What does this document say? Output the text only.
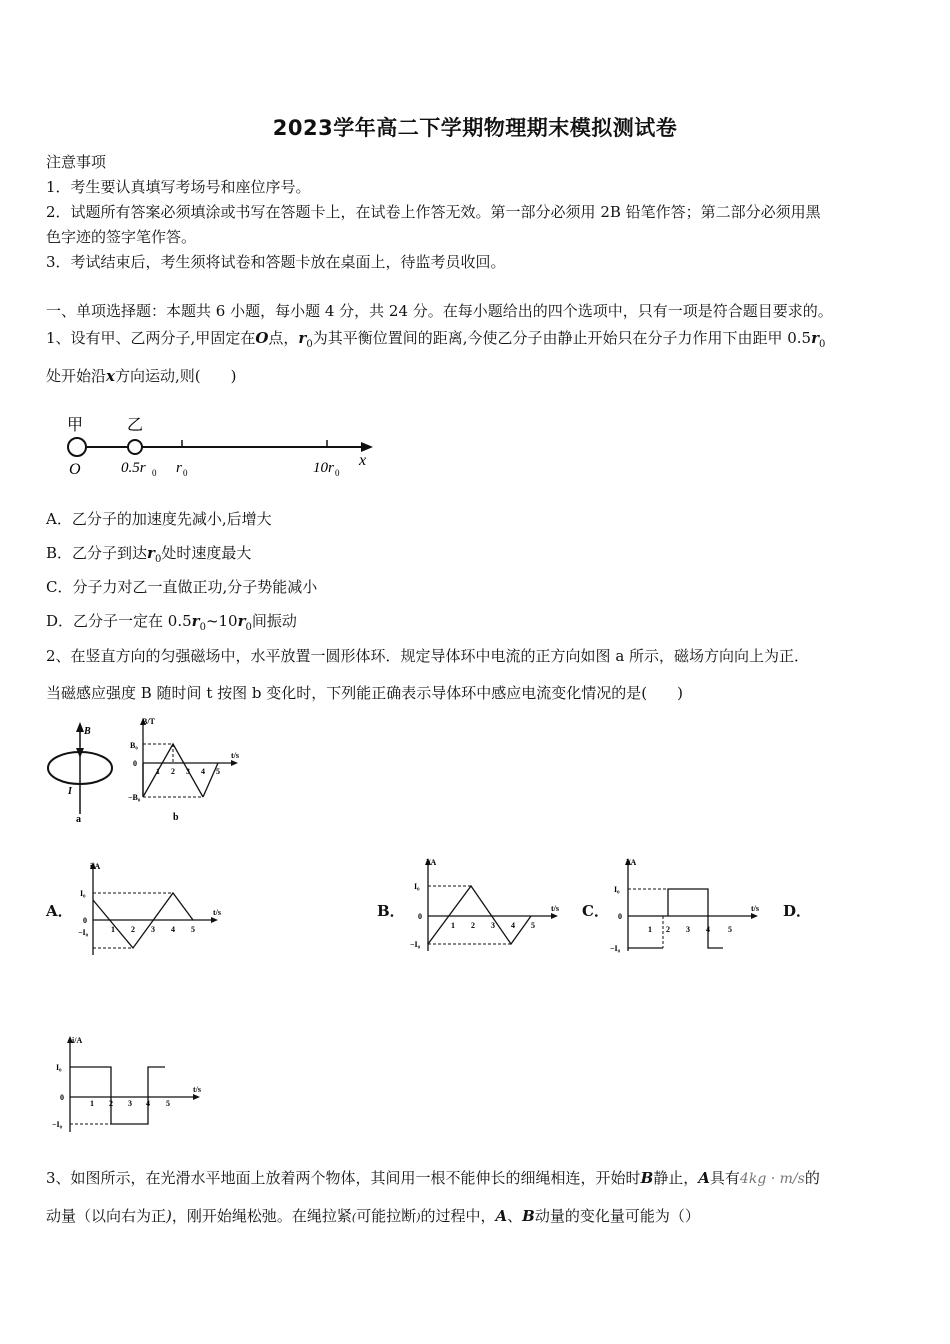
2023学年高二下学期物理期末模拟测试卷
注意事项
1．考生要认真填写考场号和座位序号。
2．试题所有答案必须填涂或书写在答题卡上，在试卷上作答无效。第一部分必须用 2B 铅笔作答；第二部分必须用黑
色字迹的签字笔作答。
3．考试结束后，考生须将试卷和答题卡放在桌面上，待监考员收回。
一、单项选择题：本题共 6 小题，每小题 4 分，共 24 分。在每小题给出的四个选项中，只有一项是符合题目要求的。
1、设有甲、乙两分子,甲固定在O点，$r_0$为其平衡位置间的距离,今使乙分子由静止开始只在分子力作用下由距甲 $0.5r_0$
处开始沿x方向运动,则(　　)
甲	乙
O	0.5r 0 r 0	10r 0
x
A．乙分子的加速度先减小,后增大
B．乙分子到达$r_0$处时速度最大
C．分子力对乙一直做正功,分子势能减小
D．乙分子一定在 $0.5r_0\sim 10r_0$间振动
2、在竖直方向的匀强磁场中，水平放置一圆形体环．规定导体环中电流的正方向如图 a 所示，磁场方向向上为正．
当磁感应强度 B 随时间 t 按图 b 变化时，下列能正确表示导体环中感应电流变化情况的是(　　)
B
I
a
B/T
t/s
B₀
−B₀
0
1 2 3 4 5
b
A．
i/A
t/s
I₀
−I₀
0
1 2 3 4 5
B．
i/A
t/s
I₀
−I₀
0
1 2 3 4 5
C．
i/A
t/s
I₀
−I₀
0
1 2 3 4 5
D．
i/A
t/s
I₀
−I₀
0
1 2 3 4 5
3、如图所示，在光滑水平地面上放着两个物体，其间用一根不能伸长的细绳相连，开始时B静止，A具有4kg · m/s的
动量（以向右为正)，刚开始绳松弛。在绳拉紧(可能拉断)的过程中，A、B动量的变化量可能为（）
